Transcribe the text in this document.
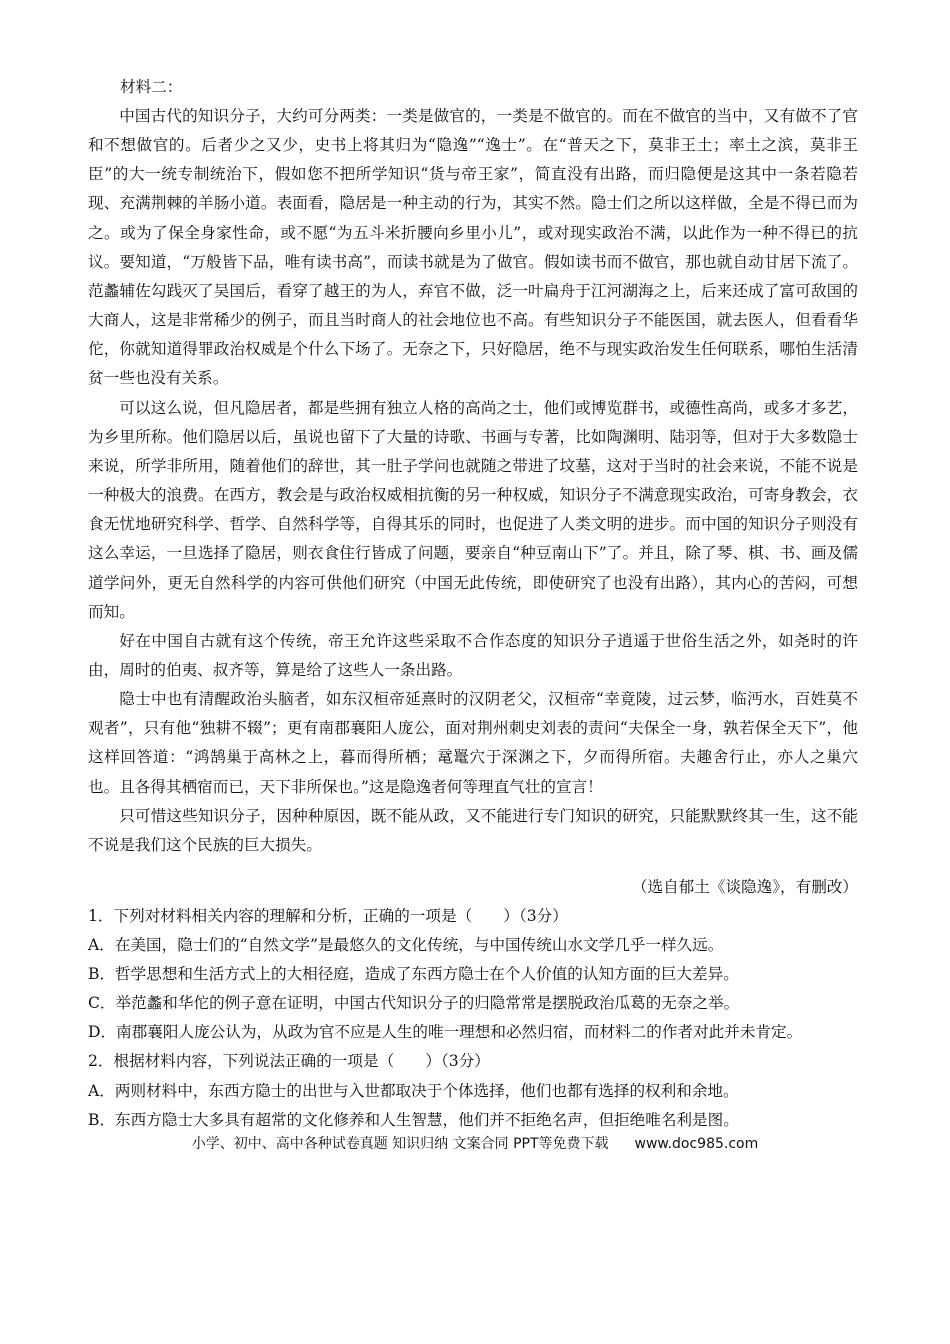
材料二：

中国古代的知识分子，大约可分两类：一类是做官的，一类是不做官的。而在不做官的当中，又有做不了官和不想做官的。后者少之又少，史书上将其归为“隐逸”“逸士”。在“普天之下，莫非王土；率土之滨，莫非王臣”的大一统专制统治下，假如您不把所学知识“货与帝王家”，简直没有出路，而归隐便是这其中一条若隐若现、充满荆棘的羊肠小道。表面看，隐居是一种主动的行为，其实不然。隐士们之所以这样做，全是不得已而为之。或为了保全身家性命，或不愿“为五斗米折腰向乡里小儿”，或对现实政治不满，以此作为一种不得已的抗议。要知道，“万般皆下品，唯有读书高”，而读书就是为了做官。假如读书而不做官，那也就自动甘居下流了。范蠡辅佐勾践灭了吴国后，看穿了越王的为人，弃官不做，泛一叶扁舟于江河湖海之上，后来还成了富可敌国的大商人，这是非常稀少的例子，而且当时商人的社会地位也不高。有些知识分子不能医国，就去医人，但看看华佗，你就知道得罪政治权威是个什么下场了。无奈之下，只好隐居，绝不与现实政治发生任何联系，哪怕生活清贫一些也没有关系。

可以这么说，但凡隐居者，都是些拥有独立人格的高尚之士，他们或博览群书，或德性高尚，或多才多艺，为乡里所称。他们隐居以后，虽说也留下了大量的诗歌、书画与专著，比如陶渊明、陆羽等，但对于大多数隐士来说，所学非所用，随着他们的辞世，其一肚子学问也就随之带进了坟墓，这对于当时的社会来说，不能不说是一种极大的浪费。在西方，教会是与政治权威相抗衡的另一种权威，知识分子不满意现实政治，可寄身教会，衣食无忧地研究科学、哲学、自然科学等，自得其乐的同时，也促进了人类文明的进步。而中国的知识分子则没有这么幸运，一旦选择了隐居，则衣食住行皆成了问题，要亲自“种豆南山下”了。并且，除了琴、棋、书、画及儒道学问外，更无自然科学的内容可供他们研究（中国无此传统，即使研究了也没有出路），其内心的苦闷，可想而知。

好在中国自古就有这个传统，帝王允许这些采取不合作态度的知识分子逍遥于世俗生活之外，如尧时的许由，周时的伯夷、叔齐等，算是给了这些人一条出路。

隐士中也有清醒政治头脑者，如东汉桓帝延熹时的汉阴老父，汉桓帝“幸竟陵，过云梦，临沔水，百姓莫不观者”，只有他“独耕不辍”；更有南郡襄阳人庞公，面对荆州刺史刘表的责问“夫保全一身，孰若保全天下”，他这样回答道：“鸿鹄巢于高林之上，暮而得所栖；鼋鼍穴于深渊之下，夕而得所宿。夫趣舍行止，亦人之巢穴也。且各得其栖宿而已，天下非所保也。”这是隐逸者何等理直气壮的宣言！

只可惜这些知识分子，因种种原因，既不能从政，又不能进行专门知识的研究，只能默默终其一生，这不能不说是我们这个民族的巨大损失。

（选自郁土《谈隐逸》，有删改）

1．下列对材料相关内容的理解和分析，正确的一项是（　　）（3分）

A．在美国，隐士们的“自然文学”是最悠久的文化传统，与中国传统山水文学几乎一样久远。

B．哲学思想和生活方式上的大相径庭，造成了东西方隐士在个人价值的认知方面的巨大差异。

C．举范蠡和华佗的例子意在证明，中国古代知识分子的归隐常常是摆脱政治瓜葛的无奈之举。

D．南郡襄阳人庞公认为，从政为官不应是人生的唯一理想和必然归宿，而材料二的作者对此并未肯定。

2．根据材料内容，下列说法正确的一项是（　　）（3分）

A．两则材料中，东西方隐士的出世与入世都取决于个体选择，他们也都有选择的权利和余地。

B．东西方隐士大多具有超常的文化修养和人生智慧，他们并不拒绝名声，但拒绝唯名利是图。

小学、初中、高中各种试卷真题 知识归纳 文案合同 PPT等免费下载 www.doc985.com
